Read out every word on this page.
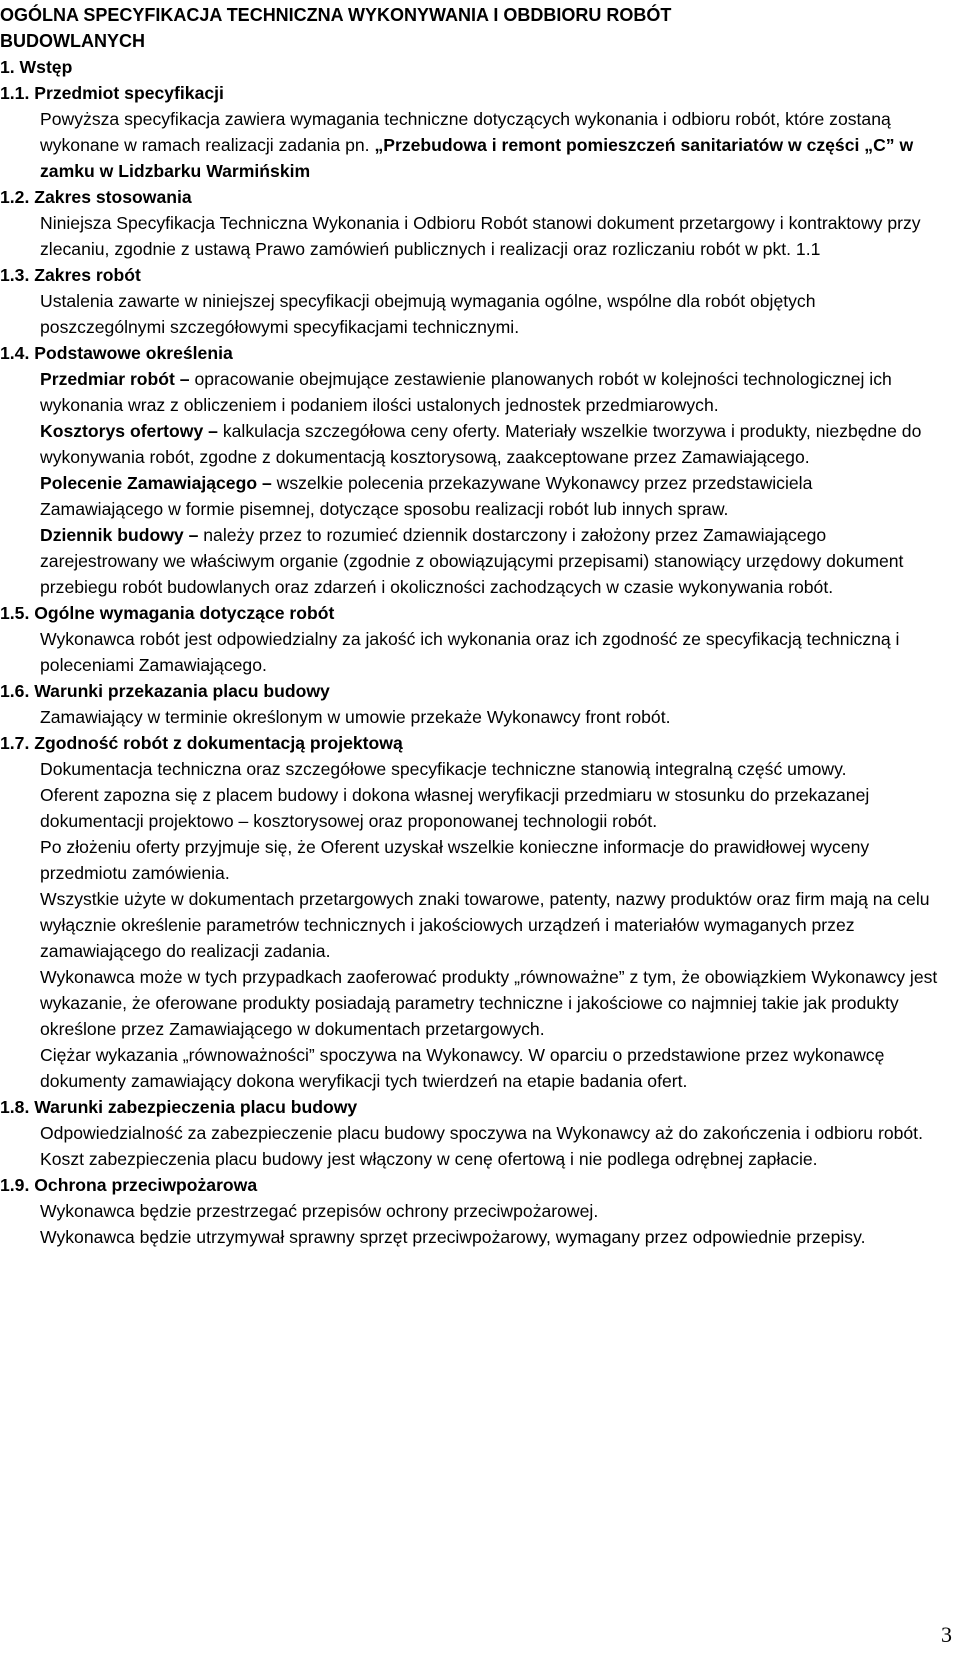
OGÓLNA SPECYFIKACJA TECHNICZNA WYKONYWANIA I OBDBIORU ROBÓT

BUDOWLANYCH

1. Wstęp
1.1. Przedmiot specyfikacji

Powyższa specyfikacja zawiera wymagania techniczne dotyczących wykonania i odbioru robót, które zostaną wykonane w ramach realizacji zadania pn. „Przebudowa i remont pomieszczeń sanitariatów w części „C” w zamku w Lidzbarku Warmińskim

1.2. Zakres stosowania

Niniejsza Specyfikacja Techniczna Wykonania i Odbioru Robót stanowi dokument przetargowy i kontraktowy przy zlecaniu, zgodnie z ustawą Prawo zamówień publicznych i realizacji oraz rozliczaniu robót w pkt. 1.1

1.3. Zakres robót

Ustalenia zawarte w niniejszej specyfikacji obejmują wymagania ogólne, wspólne dla robót objętych poszczególnymi szczegółowymi specyfikacjami technicznymi.

1.4. Podstawowe określenia

Przedmiar robót – opracowanie obejmujące zestawienie planowanych robót w kolejności technologicznej ich wykonania wraz z obliczeniem i podaniem ilości ustalonych jednostek przedmiarowych.

Kosztorys ofertowy – kalkulacja szczegółowa ceny oferty. Materiały wszelkie tworzywa i produkty, niezbędne do wykonywania robót, zgodne z dokumentacją kosztorysową, zaakceptowane przez Zamawiającego.

Polecenie Zamawiającego – wszelkie polecenia przekazywane Wykonawcy przez przedstawiciela Zamawiającego w formie pisemnej, dotyczące sposobu realizacji robót lub innych spraw.

Dziennik budowy – należy przez to rozumieć dziennik dostarczony i założony przez Zamawiającego zarejestrowany we właściwym organie (zgodnie z obowiązującymi przepisami) stanowiący urzędowy dokument przebiegu robót budowlanych oraz zdarzeń i okoliczności zachodzących w czasie wykonywania robót.

1.5. Ogólne wymagania dotyczące robót

Wykonawca robót jest odpowiedzialny za jakość ich wykonania oraz ich zgodność ze specyfikacją techniczną i poleceniami Zamawiającego.

1.6. Warunki przekazania placu budowy

Zamawiający w terminie określonym w umowie przekaże Wykonawcy front robót.

1.7. Zgodność robót z dokumentacją projektową

Dokumentacja techniczna oraz szczegółowe specyfikacje techniczne stanowią integralną część umowy.

Oferent zapozna się z placem budowy i dokona własnej weryfikacji przedmiaru w stosunku do przekazanej dokumentacji projektowo – kosztorysowej oraz proponowanej technologii robót.

Po złożeniu oferty przyjmuje się, że Oferent uzyskał wszelkie konieczne informacje do prawidłowej wyceny przedmiotu zamówienia.

Wszystkie użyte w dokumentach przetargowych znaki towarowe, patenty, nazwy produktów oraz firm mają na celu wyłącznie określenie parametrów technicznych i jakościowych urządzeń i materiałów wymaganych przez zamawiającego do realizacji zadania.

Wykonawca może w tych przypadkach zaoferować produkty „równoważne” z tym, że obowiązkiem Wykonawcy jest wykazanie, że oferowane produkty posiadają parametry techniczne i jakościowe co najmniej takie jak produkty określone przez Zamawiającego w dokumentach przetargowych.

Ciężar wykazania „równoważności” spoczywa na Wykonawcy. W oparciu o przedstawione przez wykonawcę dokumenty zamawiający dokona weryfikacji tych twierdzeń na etapie badania ofert.

1.8. Warunki zabezpieczenia placu budowy

Odpowiedzialność za zabezpieczenie placu budowy spoczywa na Wykonawcy aż do zakończenia i odbioru robót.

Koszt zabezpieczenia placu budowy jest włączony w cenę ofertową i nie podlega odrębnej zapłacie.

1.9. Ochrona przeciwpożarowa

Wykonawca będzie przestrzegać przepisów ochrony przeciwpożarowej.

Wykonawca będzie utrzymywał sprawny sprzęt przeciwpożarowy, wymagany przez odpowiednie przepisy.

3
